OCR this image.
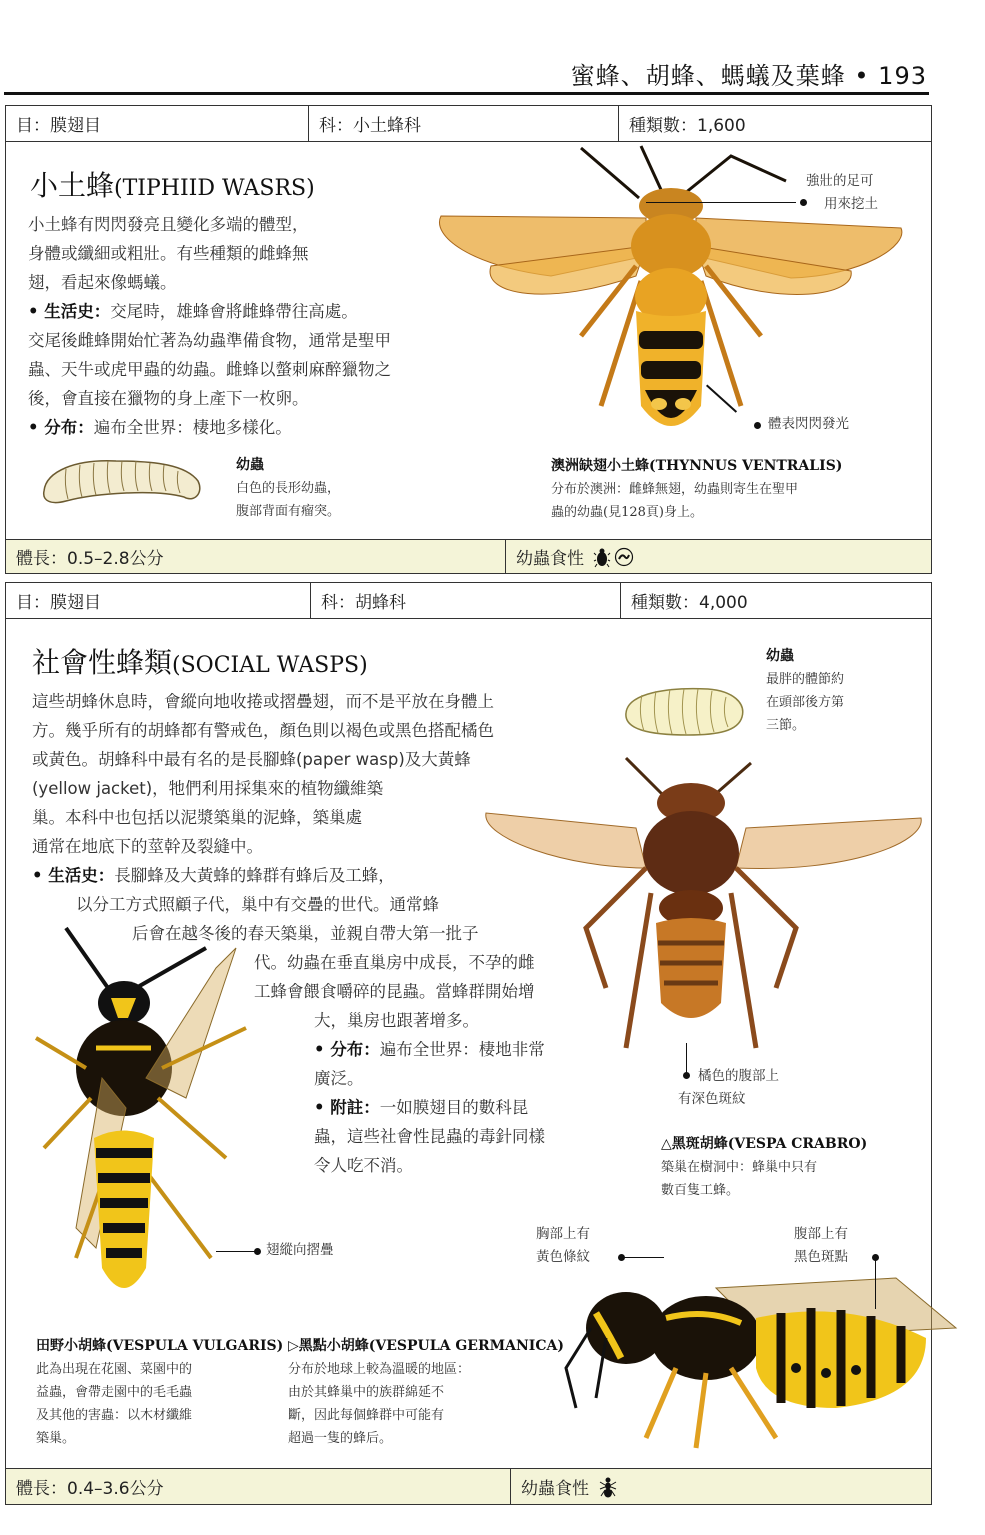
蜜蜂、胡蜂、螞蟻及葉蜂 • 193
目：膜翅目	科：小土蜂科	種類數：1,600
小土蜂(TIPHIID WASRS)
小土蜂有閃閃發亮且變化多端的體型，
身體或纖細或粗壯。有些種類的雌蜂無
翅，看起來像螞蟻。
• 生活史：交尾時，雄蜂會將雌蜂帶往高處。
交尾後雌蜂開始忙著為幼蟲準備食物，通常是聖甲
蟲、天牛或虎甲蟲的幼蟲。雌蜂以螫刺麻醉獵物之
後，會直接在獵物的身上產下一枚卵。
• 分布：遍布全世界：棲地多樣化。
幼蟲
白色的長形幼蟲，
腹部背面有瘤突。
強壯的足可
用來挖土
體表閃閃發光
澳洲缺翅小土蜂(THYNNUS VENTRALIS)
分布於澳洲：雌蜂無翅，幼蟲則寄生在聖甲
蟲的幼蟲(見128頁)身上。
體長：0.5–2.8公分	幼蟲食性
目：膜翅目	科：胡蜂科	種類數：4,000
社會性蜂類(SOCIAL WASPS)
這些胡蜂休息時，會縱向地收捲或摺疊翅，而不是平放在身體上
方。幾乎所有的胡蜂都有警戒色，顏色則以褐色或黑色搭配橘色
或黃色。胡蜂科中最有名的是長腳蜂(paper wasp)及大黃蜂
(yellow jacket)，牠們利用採集來的植物纖維築
巢。本科中也包括以泥漿築巢的泥蜂，築巢處
通常在地底下的莖幹及裂縫中。
• 生活史：長腳蜂及大黃蜂的蜂群有蜂后及工蜂，
以分工方式照顧子代，巢中有交疊的世代。通常蜂
后會在越冬後的春天築巢，並親自帶大第一批子
代。幼蟲在垂直巢房中成長，不孕的雌
工蜂會餵食嚼碎的昆蟲。當蜂群開始增
大，巢房也跟著增多。
• 分布：遍布全世界：棲地非常
廣泛。
• 附註：一如膜翅目的數科昆
蟲，這些社會性昆蟲的毒針同樣
令人吃不消。
幼蟲
最胖的體節約
在頭部後方第
三節。
橘色的腹部上
有深色斑紋
△黑斑胡蜂(VESPA CRABRO)
築巢在樹洞中：蜂巢中只有
數百隻工蜂。
翅縱向摺疊
胸部上有
黃色條紋
腹部上有
黑色斑點
田野小胡蜂(VESPULA VULGARIS)
此為出現在花園、菜園中的
益蟲，會帶走園中的毛毛蟲
及其他的害蟲：以木材纖維
築巢。
▷黑點小胡蜂(VESPULA GERMANICA)
分布於地球上較為溫暖的地區：
由於其蜂巢中的族群綿延不
斷，因此每個蜂群中可能有
超過一隻的蜂后。
體長：0.4–3.6公分	幼蟲食性
